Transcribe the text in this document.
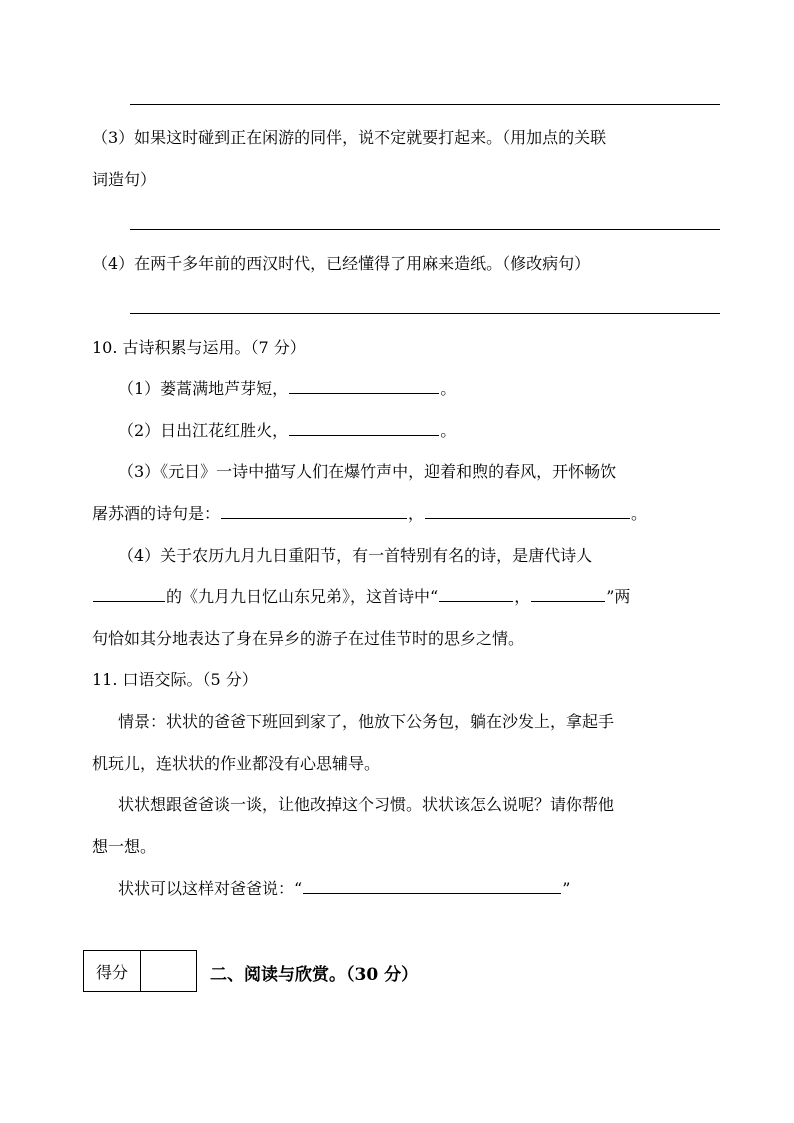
（3）如果这时碰到正在闲游的同伴，说不定就要打起来。（用加点的关联
词造句）
（4）在两千多年前的西汉时代，已经懂得了用麻来造纸。（修改病句）
10. 古诗积累与运用。（7 分）
（1）蒌蒿满地芦芽短，	。
（2）日出江花红胜火，	。
（3）《元日》一诗中描写人们在爆竹声中，迎着和煦的春风，开怀畅饮
屠苏酒的诗句是：	，	。
（4）关于农历九月九日重阳节，有一首特别有名的诗，是唐代诗人
的《九月九日忆山东兄弟》，这首诗中“	，	”两
句恰如其分地表达了身在异乡的游子在过佳节时的思乡之情。
11. 口语交际。（5 分）
情景：状状的爸爸下班回到家了，他放下公务包，躺在沙发上，拿起手
机玩儿，连状状的作业都没有心思辅导。
状状想跟爸爸谈一谈，让他改掉这个习惯。状状该怎么说呢？请你帮他
想一想。
状状可以这样对爸爸说：“	”
得分		二、阅读与欣赏。（30 分）
